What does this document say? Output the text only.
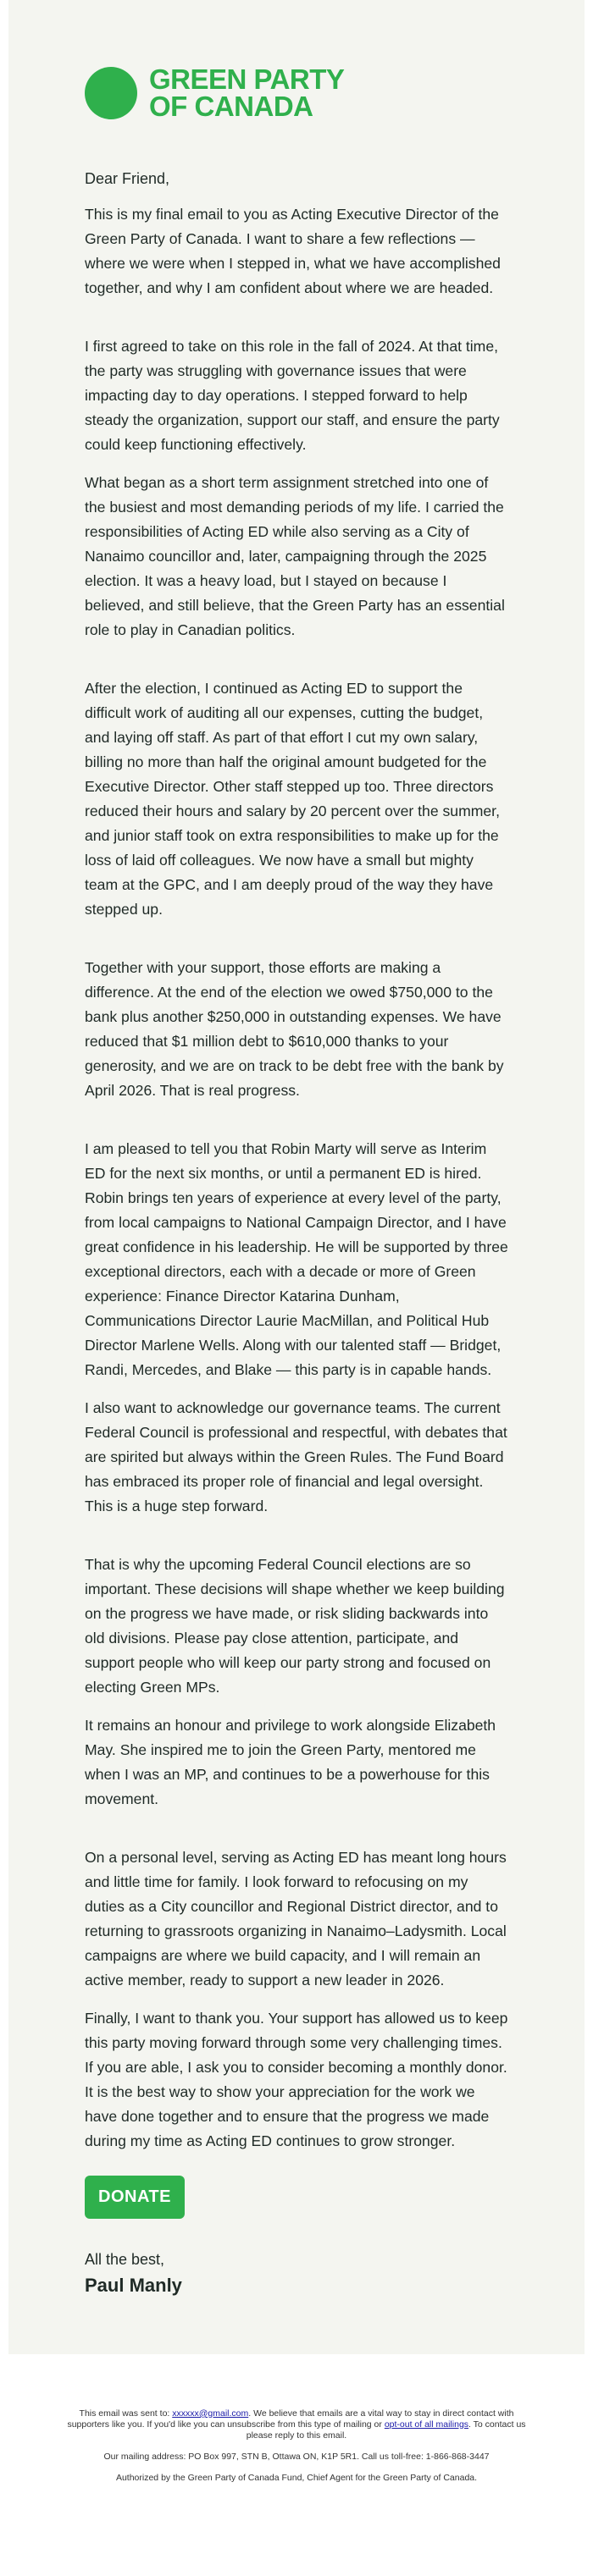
GREEN PARTY
OF CANADA

Dear Friend,

This is my final email to you as Acting Executive Director of the Green Party of Canada. I want to share a few reflections — where we were when I stepped in, what we have accomplished together, and why I am confident about where we are headed.

I first agreed to take on this role in the fall of 2024. At that time, the party was struggling with governance issues that were impacting day to day operations. I stepped forward to help steady the organization, support our staff, and ensure the party could keep functioning effectively.

What began as a short term assignment stretched into one of the busiest and most demanding periods of my life. I carried the responsibilities of Acting ED while also serving as a City of Nanaimo councillor and, later, campaigning through the 2025 election. It was a heavy load, but I stayed on because I believed, and still believe, that the Green Party has an essential role to play in Canadian politics.

After the election, I continued as Acting ED to support the difficult work of auditing all our expenses, cutting the budget, and laying off staff. As part of that effort I cut my own salary, billing no more than half the original amount budgeted for the Executive Director. Other staff stepped up too. Three directors reduced their hours and salary by 20 percent over the summer, and junior staff took on extra responsibilities to make up for the loss of laid off colleagues. We now have a small but mighty team at the GPC, and I am deeply proud of the way they have stepped up.

Together with your support, those efforts are making a difference. At the end of the election we owed $750,000 to the bank plus another $250,000 in outstanding expenses. We have reduced that $1 million debt to $610,000 thanks to your generosity, and we are on track to be debt free with the bank by April 2026. That is real progress.

I am pleased to tell you that Robin Marty will serve as Interim ED for the next six months, or until a permanent ED is hired. Robin brings ten years of experience at every level of the party, from local campaigns to National Campaign Director, and I have great confidence in his leadership. He will be supported by three exceptional directors, each with a decade or more of Green experience: Finance Director Katarina Dunham, Communications Director Laurie MacMillan, and Political Hub Director Marlene Wells. Along with our talented staff — Bridget, Randi, Mercedes, and Blake — this party is in capable hands.

I also want to acknowledge our governance teams. The current Federal Council is professional and respectful, with debates that are spirited but always within the Green Rules. The Fund Board has embraced its proper role of financial and legal oversight. This is a huge step forward.

That is why the upcoming Federal Council elections are so important. These decisions will shape whether we keep building on the progress we have made, or risk sliding backwards into old divisions. Please pay close attention, participate, and support people who will keep our party strong and focused on electing Green MPs.

It remains an honour and privilege to work alongside Elizabeth May. She inspired me to join the Green Party, mentored me when I was an MP, and continues to be a powerhouse for this movement.

On a personal level, serving as Acting ED has meant long hours and little time for family. I look forward to refocusing on my duties as a City councillor and Regional District director, and to returning to grassroots organizing in Nanaimo–Ladysmith. Local campaigns are where we build capacity, and I will remain an active member, ready to support a new leader in 2026.

Finally, I want to thank you. Your support has allowed us to keep this party moving forward through some very challenging times. If you are able, I ask you to consider becoming a monthly donor. It is the best way to show your appreciation for the work we have done together and to ensure that the progress we made during my time as Acting ED continues to grow stronger.

DONATE

All the best,

Paul Manly

This email was sent to: xxxxxx@gmail.com. We believe that emails are a vital way to stay in direct contact with supporters like you. If you'd like you can unsubscribe from this type of mailing or opt-out of all mailings. To contact us please reply to this email.

Our mailing address: PO Box 997, STN B, Ottawa ON, K1P 5R1. Call us toll-free: 1-866-868-3447

Authorized by the Green Party of Canada Fund, Chief Agent for the Green Party of Canada.
